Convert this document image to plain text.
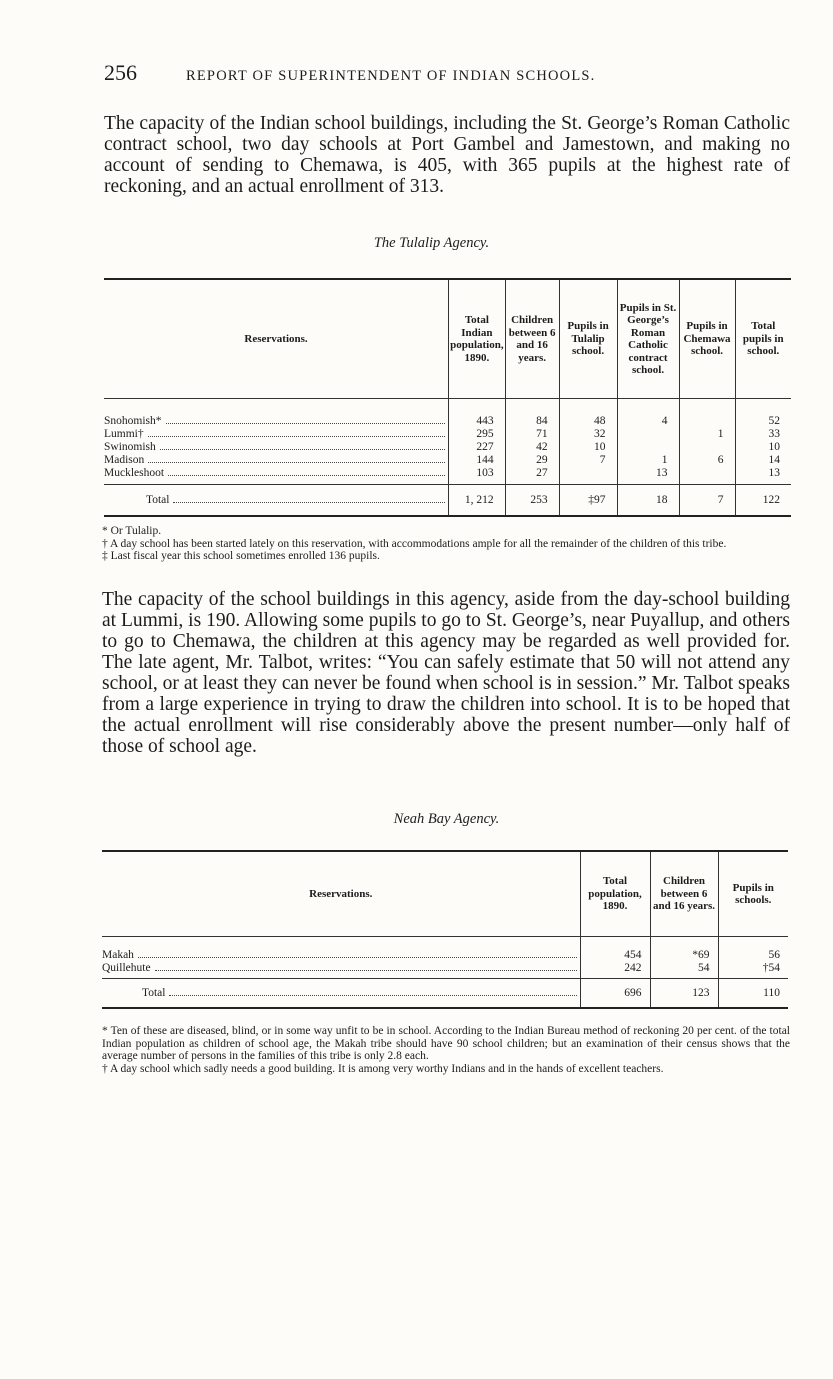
256	REPORT OF SUPERINTENDENT OF INDIAN SCHOOLS.

The capacity of the Indian school buildings, including the St. George’s Roman Catholic contract school, two day schools at Port Gambel and Jamestown, and making no account of sending to Chemawa, is 405, with 365 pupils at the highest rate of reckoning, and an actual enrollment of 313.

The Tulalip Agency.
Reservations.	Total Indian population, 1890.	Children between 6 and 16 years.	Pupils in Tulalip school.	Pupils in St. George’s Roman Catholic contract school.	Pupils in Chemawa school.	Total pupils in school.

Snohomish*	443	84	48	4		52

Lummi†	295	71	32		1	33

Swinomish	227	42	10			10

Madison	144	29	7	1	6	14

Muckleshoot	103	27		13		13

Total	1, 212	253	‡97	18	7	122

* Or Tulalip.

† A day school has been started lately on this reservation, with accommodations ample for all the remainder of the children of this tribe.

‡ Last fiscal year this school sometimes enrolled 136 pupils.

The capacity of the school buildings in this agency, aside from the day-school building at Lummi, is 190. Allowing some pupils to go to St. George’s, near Puyallup, and others to go to Chemawa, the children at this agency may be regarded as well provided for. The late agent, Mr. Talbot, writes: “You can safely estimate that 50 will not attend any school, or at least they can never be found when school is in session.” Mr. Talbot speaks from a large experience in trying to draw the children into school. It is to be hoped that the actual enrollment will rise considerably above the present number—only half of those of school age.

Neah Bay Agency.
Reservations.	Total population, 1890.	Children between 6 and 16 years.	Pupils in schools.

Makah	454	*69	56

Quillehute	242	54	†54

Total	696	123	110

* Ten of these are diseased, blind, or in some way unfit to be in school. According to the Indian Bureau method of reckoning 20 per cent. of the total Indian population as children of school age, the Makah tribe should have 90 school children; but an examination of their census shows that the average number of persons in the families of this tribe is only 2.8 each.

† A day school which sadly needs a good building. It is among very worthy Indians and in the hands of excellent teachers.
